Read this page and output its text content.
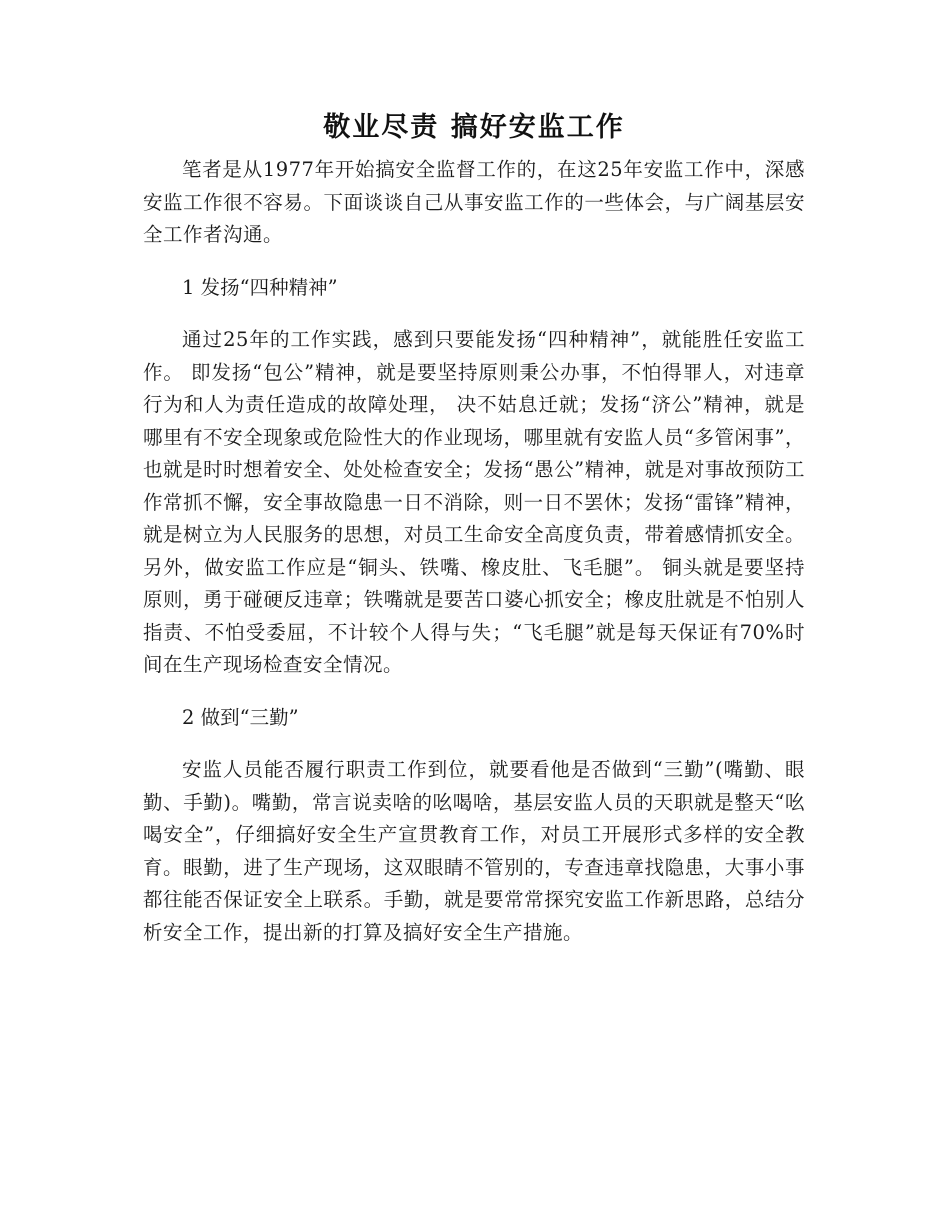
敬业尽责 搞好安监工作

笔者是从1977年开始搞安全监督工作的，在这25年安监工作中，深感安监工作很不容易。下面谈谈自己从事安监工作的一些体会，与广阔基层安全工作者沟通。

1 发扬“四种精神”

通过25年的工作实践，感到只要能发扬“四种精神”，就能胜任安监工作。 即发扬“包公”精神，就是要坚持原则秉公办事，不怕得罪人，对违章行为和人为责任造成的故障处理， 决不姑息迁就；发扬“济公”精神，就是哪里有不安全现象或危险性大的作业现场，哪里就有安监人员“多管闲事”，也就是时时想着安全、处处检查安全；发扬“愚公”精神，就是对事故预防工作常抓不懈，安全事故隐患一日不消除，则一日不罢休；发扬“雷锋”精神，就是树立为人民服务的思想，对员工生命安全高度负责，带着感情抓安全。另外，做安监工作应是“铜头、铁嘴、橡皮肚、飞毛腿”。 铜头就是要坚持原则，勇于碰硬反违章；铁嘴就是要苦口婆心抓安全；橡皮肚就是不怕别人指责、不怕受委屈，不计较个人得与失；“飞毛腿”就是每天保证有70%时间在生产现场检查安全情况。

2 做到“三勤”

安监人员能否履行职责工作到位，就要看他是否做到“三勤”(嘴勤、眼勤、手勤)。嘴勤，常言说卖啥的吆喝啥，基层安监人员的天职就是整天“吆喝安全”，仔细搞好安全生产宣贯教育工作，对员工开展形式多样的安全教育。眼勤，进了生产现场，这双眼睛不管别的，专查违章找隐患，大事小事都往能否保证安全上联系。手勤，就是要常常探究安监工作新思路，总结分析安全工作，提出新的打算及搞好安全生产措施。
